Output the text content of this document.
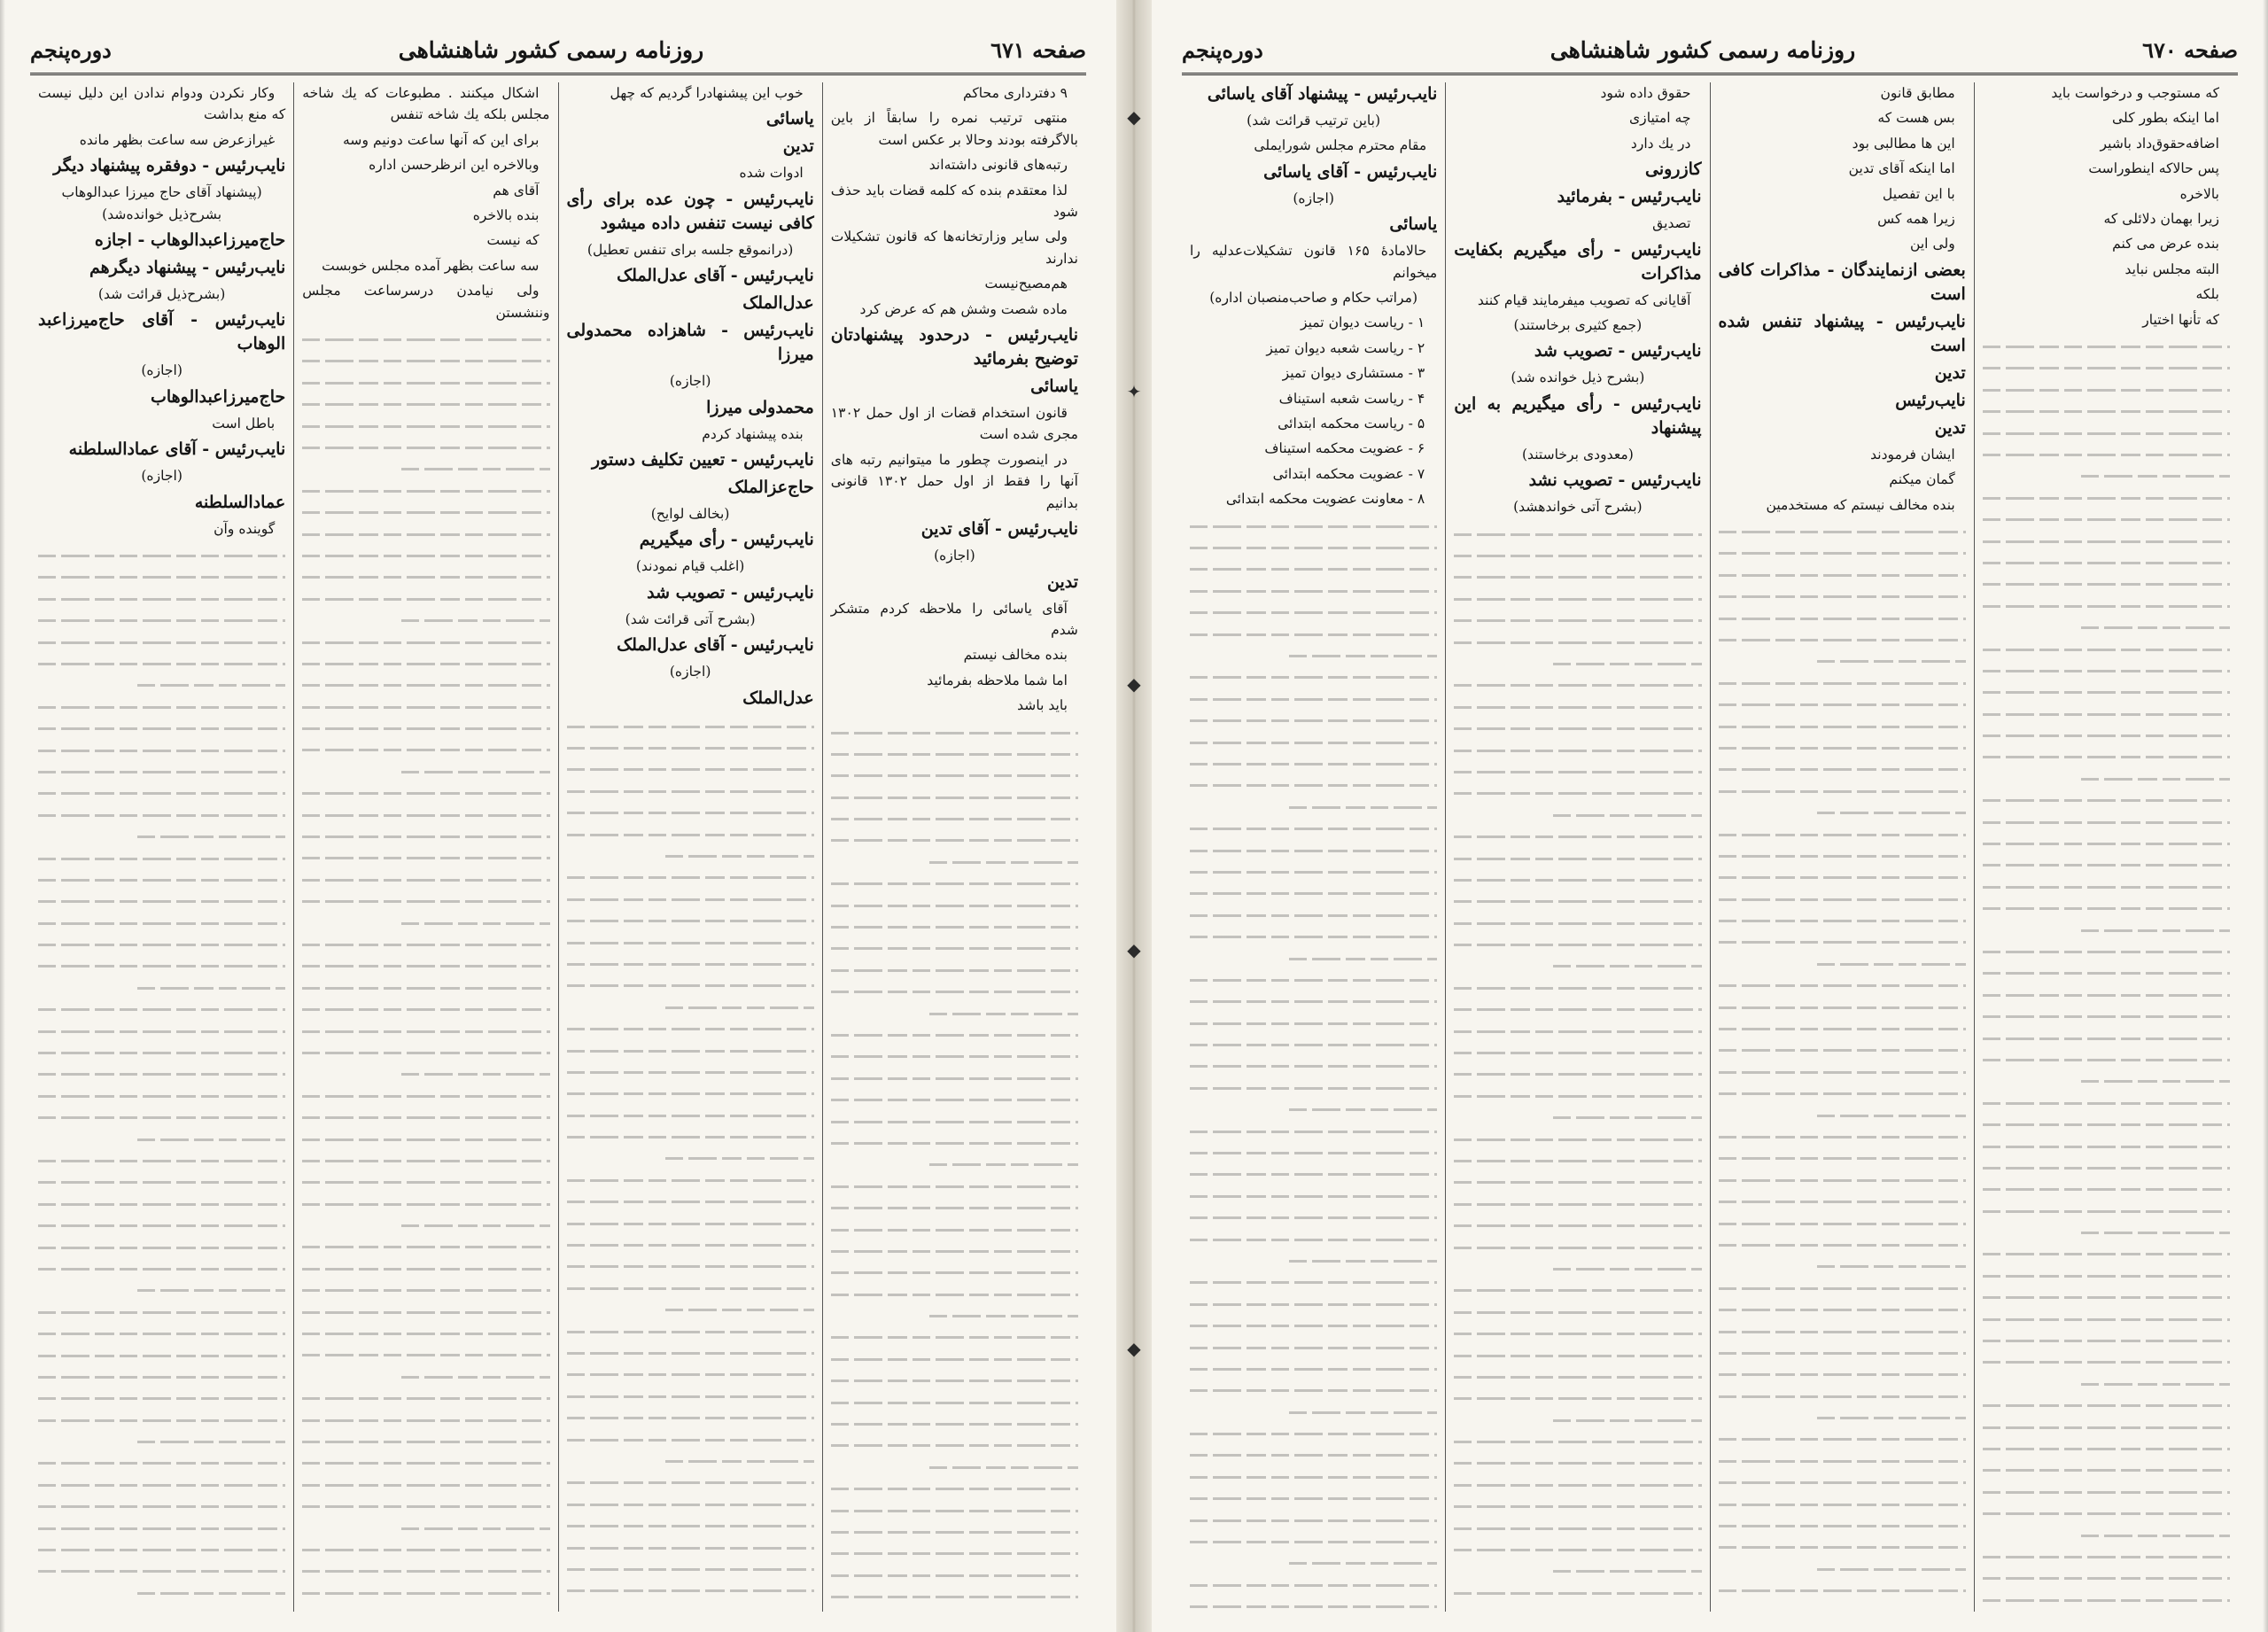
صفحه ٦٧١
روزنامه رسمی کشور شاهنشاهی
دوره‌پنجم

۹ دفترداری محاکم

منتهی ترتیب نمره را سابقاً از باین بالاگرفته بودند وحالا بر عکس است

رتبه‌های قانونی داشته‌اند

لذا معتقدم بنده که کلمه قضات باید حذف شود

ولی سایر وزارتخانه‌ها که قانون تشکیلات ندارند

هم‌مصیح‌نیست

ماده شصت وشش هم که عرض کرد

نایب‌رئیس - درحدود پیشنهادتان توضیح بفرمائید

یاسائی

قانون استخدام قضات از اول حمل ۱۳۰۲ مجری شده است

در اینصورت چطور ما میتوانیم رتبه های آنها را فقط از اول حمل ۱۳۰۲ قانونی بدانیم

نایب‌رئیس - آقای تدین

(اجازه)

تدین

آقای یاسائی را ملاحظه کردم متشکر شدم

بنده مخالف نیستم

اما شما ملاحظه بفرمائید

باید باشد

خوب این پیشنهادرا گردیم که چهل

یاسائی

تدین

ادوات شده

نایب‌رئیس - چون عده برای رأی کافی نیست تنفس داده میشود

(درانموقع جلسه برای تنفس تعطیل)

نایب‌رئیس - آقای عدل‌الملک

عدل‌الملک

نایب‌رئیس - شاهزاده محمدولی میرزا

(اجازه)

محمدولی میرزا

بنده پیشنهاد کردم

نایب‌رئیس - تعیین تکلیف دستور

حاج‌عزالملک

(بخالف لوایح)

نایب‌رئیس - رأی میگیریم

(اغلب قیام نمودند)

نایب‌رئیس - تصویب شد

(بشرح آتی قرائت شد)

نایب‌رئیس - آقای عدل‌الملک

(اجازه)

عدل‌الملک

اشکال میکنند . مطبوعات که یك شاخه مجلس بلکه یك شاخه تنفس

برای این که آنها ساعت دونیم وسه

وبالاخره این انرظرحسن اداره

آقای هم

بنده بالاخره

که نیست

سه ساعت بظهر آمده مجلس خوبست

ولی نیامدن درسرساعت مجلس وننشستن

وکار نکردن ودوام ندادن این دلیل نیست که منع بداشت

غیرازعرض سه ساعت بظهر مانده

نایب‌رئیس - دوفقره پیشنهاد دیگر

(پیشنهاد آقای حاج میرزا عبدالوهاب بشرح‌ذیل خوانده‌شد)

حاج‌میرزاعبدالوهاب - اجازه

نایب‌رئیس - پیشنهاد دیگرهم

(بشرح‌ذیل قرائت شد)

نایب‌رئیس - آقای حاج‌میرزاعبد الوهاب

(اجازه)

حاج‌میرزاعبدالوهاب

باطل است

نایب‌رئیس - آقای عمادالسلطنه

(اجازه)

عمادالسلطنه

گوینده وآن

◆
✦
◆
◆
◆
صفحه ٦٧٠
روزنامه رسمی کشور شاهنشاهی
دوره‌پنجم

که مستوجب و درخواست باید

اما اینکه بطور کلی

اضافه‌حقوق‌داد باشیر

پس حالاکه اینطوراست

بالاخره

زیرا بهمان دلائلی که

بنده عرض می کنم

البته مجلس نباید

بلکه

که تأنها اختیار

مطابق قانون

بس هست که

این ها مطالبی بود

اما اینکه آقای تدین

با این تفصیل

زیرا همه کس

ولی این

بعضی ازنمایندگان - مذاکرات کافی است

نایب‌رئیس - پیشنهاد تنفس شده است

تدین

نایب‌رئیس

تدین

ایشان فرمودند

گمان میکنم

بنده مخالف نیستم که مستخدمین

حقوق داده شود

چه امتیازی

در یك دارد

کازرونی

نایب‌رئیس - بفرمائید

تصدیق

نایب‌رئیس - رأی میگیریم بکفایت مذاکرات

آقایانی که تصویب میفرمایند قیام کنند

(جمع کثیری برخاستند)

نایب‌رئیس - تصویب شد

(بشرح ذیل خوانده شد)

نایب‌رئیس - رأی میگیریم به این پیشنهاد

(معدودی برخاستند)

نایب‌رئیس - تصویب نشد

(بشرح آتی خواندهشد)

نایب‌رئیس - پیشنهاد آقای یاسائی

(باین ترتیب قرائت شد)

مقام محترم مجلس شورایملی

نایب‌رئیس - آقای یاسائی

(اجازه)

یاسائی

حالامادهٔ ۱۶۵ قانون تشکیلات‌عدلیه را میخوانم

(مراتب حکام و صاحب‌منصبان اداره)

۱ - ریاست دیوان تمیز

۲ - ریاست شعبه دیوان تمیز

۳ - مستشاری دیوان تمیز

۴ - ریاست شعبه استیناف

۵ - ریاست محکمه ابتدائی

۶ - عضویت محکمه استیناف

۷ - عضویت محکمه ابتدائی

۸ - معاونت عضویت محکمه ابتدائی
